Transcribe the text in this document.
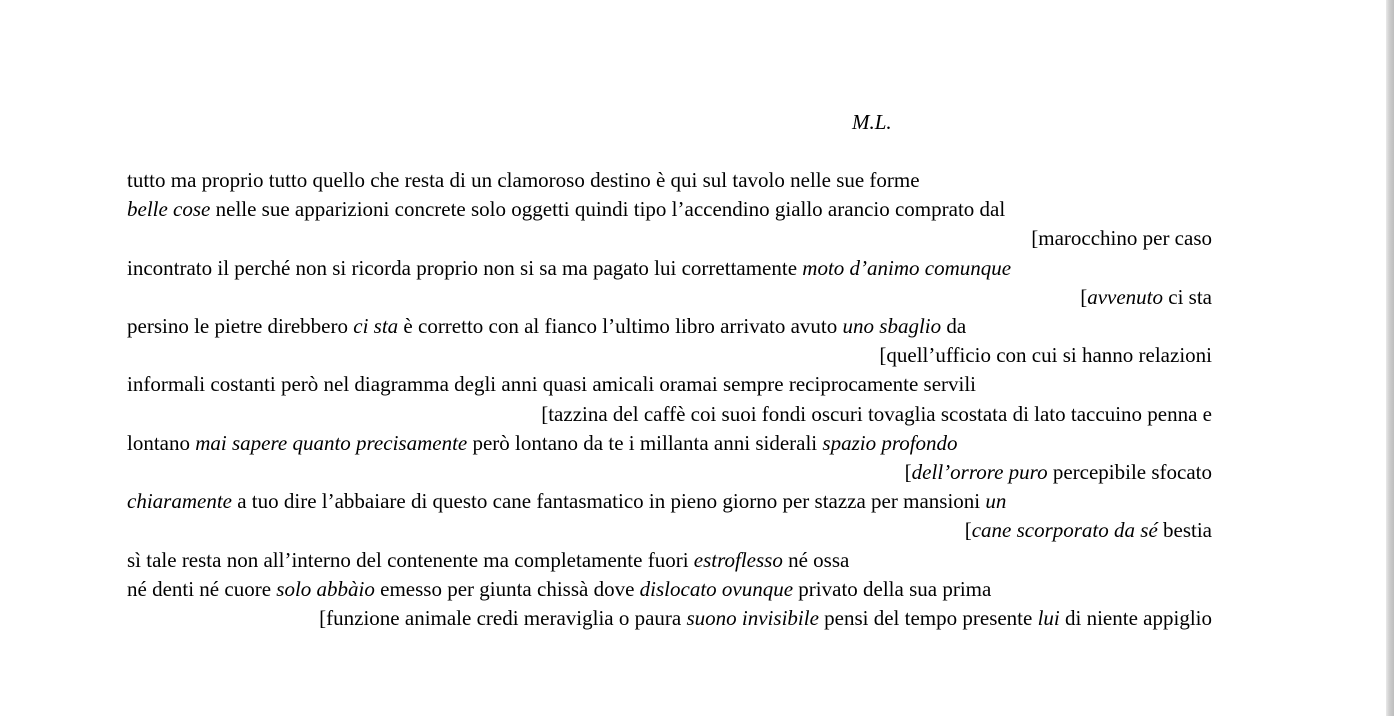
M.L.
tutto ma proprio tutto quello che resta di un clamoroso destino è qui sul tavolo nelle sue forme
belle cose nelle sue apparizioni concrete solo oggetti quindi tipo l’accendino giallo arancio comprato dal
[marocchino per caso
incontrato il perché non si ricorda proprio non si sa ma pagato lui correttamente moto d’animo comunque
[avvenuto ci sta
persino le pietre direbbero ci sta è corretto con al fianco l’ultimo libro arrivato avuto uno sbaglio da
[quell’ufficio con cui si hanno relazioni
informali costanti però nel diagramma degli anni quasi amicali oramai sempre reciprocamente servili
[tazzina del caffè coi suoi fondi oscuri tovaglia scostata di lato taccuino penna e
lontano mai sapere quanto precisamente però lontano da te i millanta anni siderali spazio profondo
[dell’orrore puro percepibile sfocato
chiaramente a tuo dire l’abbaiare di questo cane fantasmatico in pieno giorno per stazza per mansioni un
[cane scorporato da sé bestia
sì tale resta non all’interno del contenente ma completamente fuori estroflesso né ossa
né denti né cuore solo abbàio emesso per giunta chissà dove dislocato ovunque privato della sua prima
[funzione animale credi meraviglia o paura suono invisibile pensi del tempo presente lui di niente appiglio
